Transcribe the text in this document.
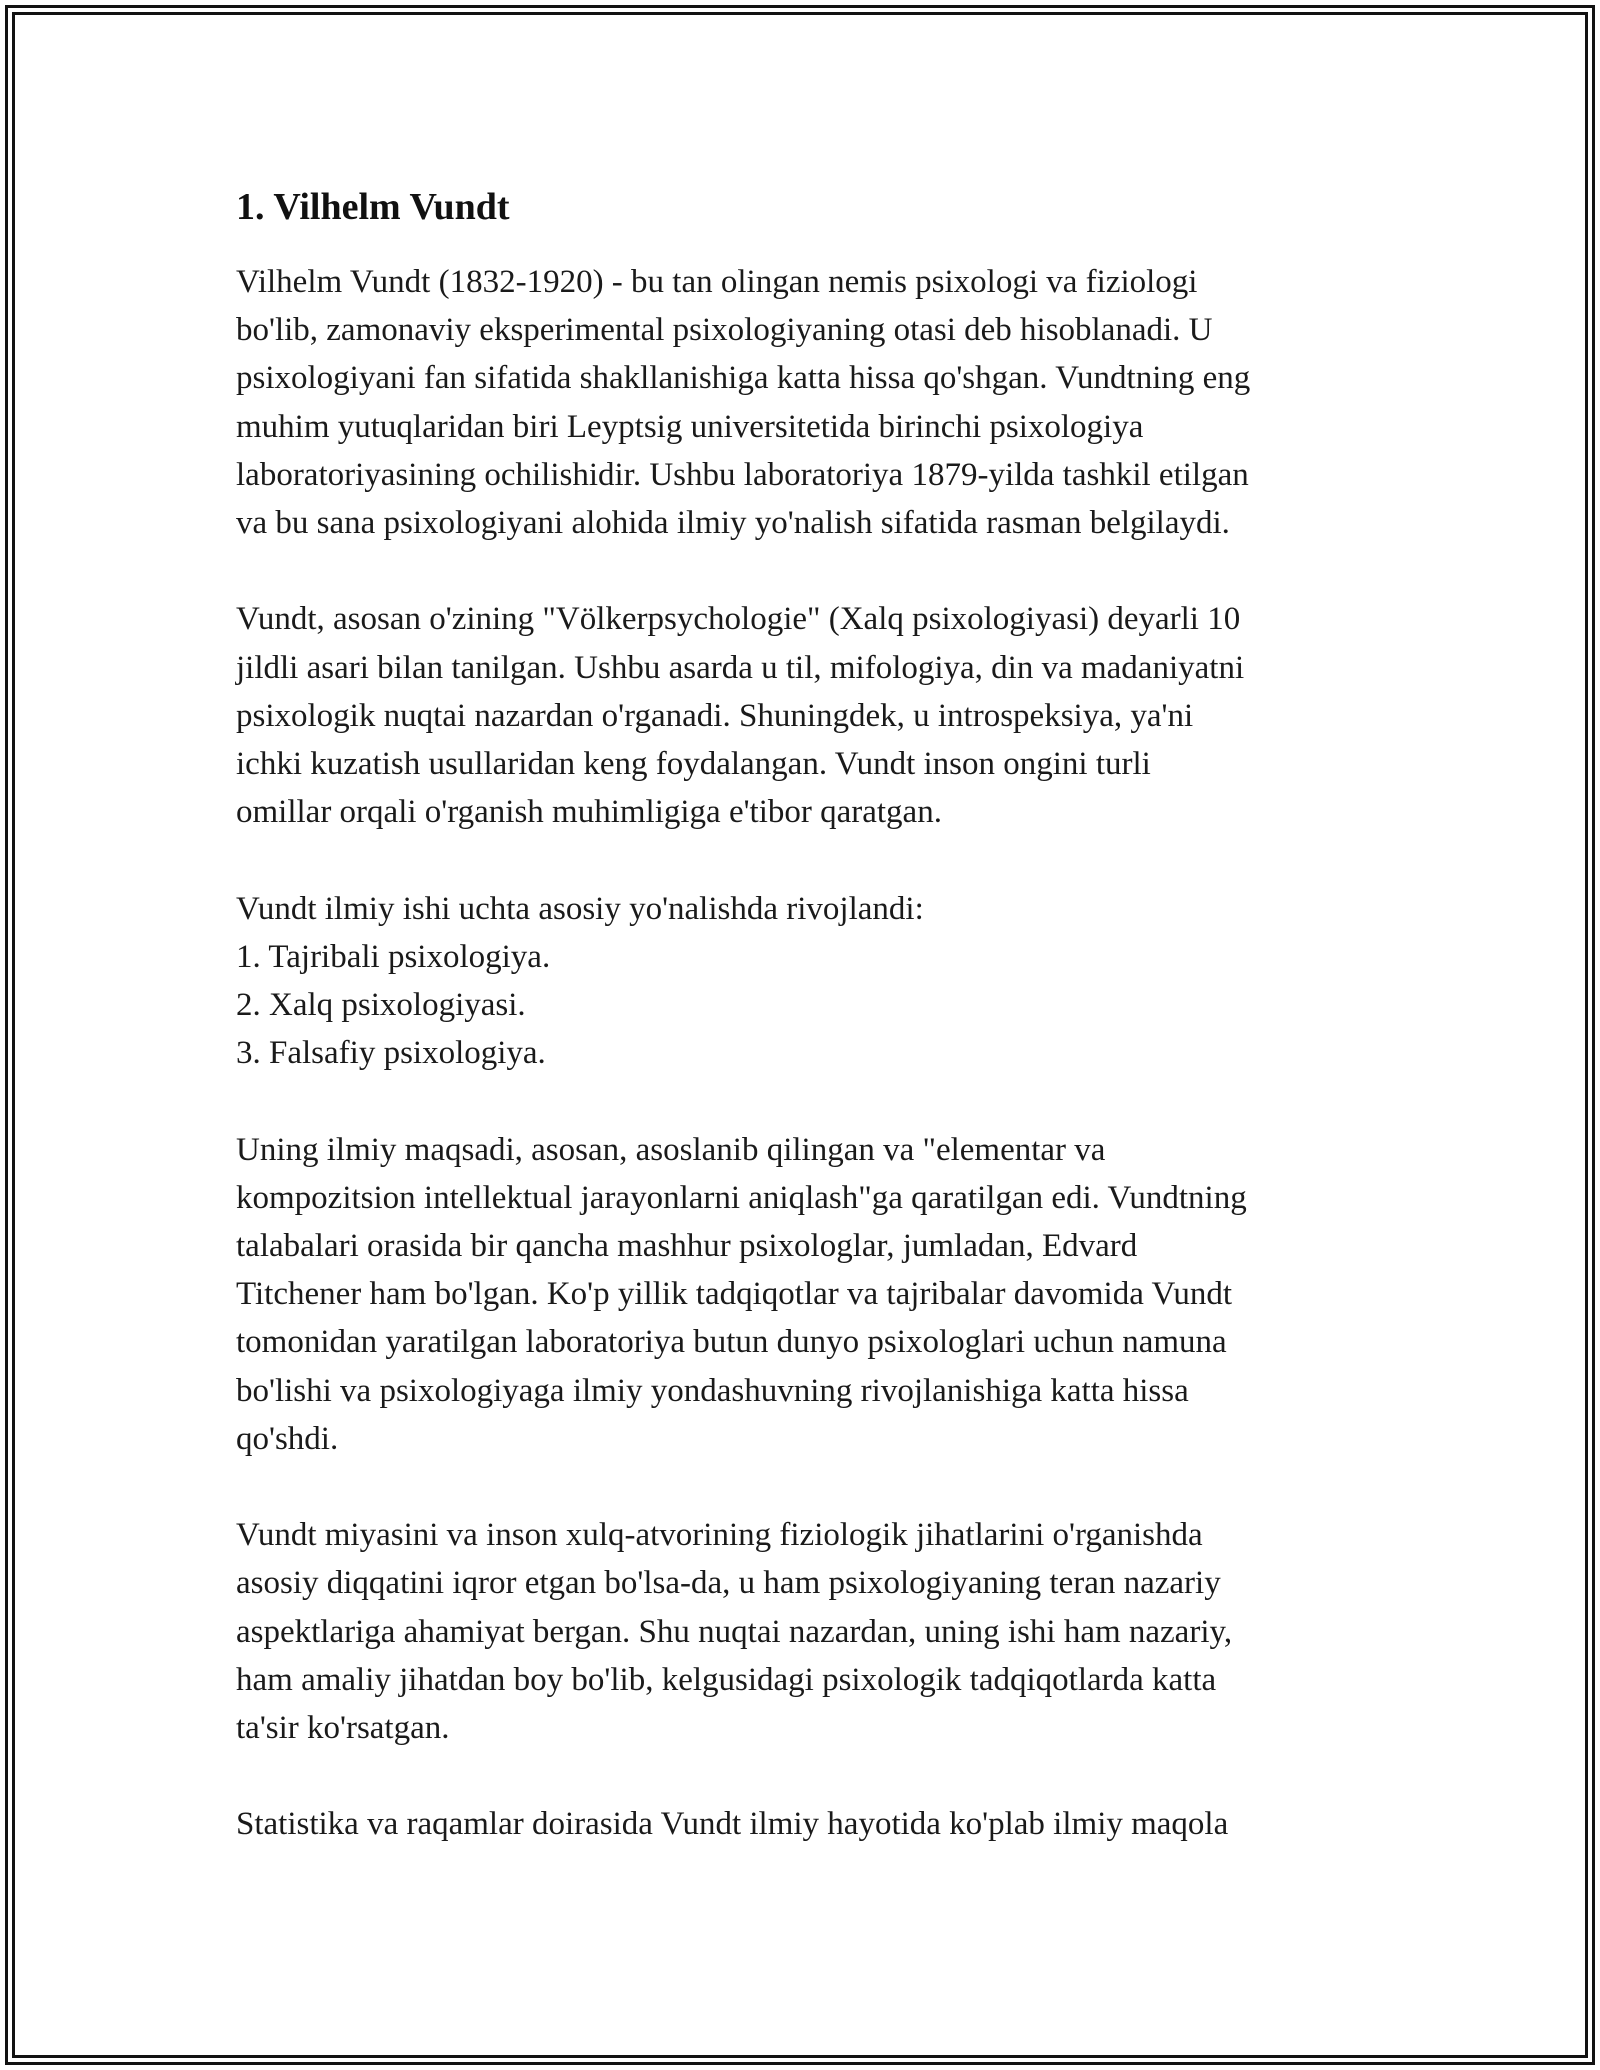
1. Vilhelm Vundt

Vilhelm Vundt (1832-1920) - bu tan olingan nemis psixologi va fiziologi
bo'lib, zamonaviy eksperimental psixologiyaning otasi deb hisoblanadi. U
psixologiyani fan sifatida shakllanishiga katta hissa qo'shgan. Vundtning eng
muhim yutuqlaridan biri Leyptsig universitetida birinchi psixologiya
laboratoriyasining ochilishidir. Ushbu laboratoriya 1879-yilda tashkil etilgan
va bu sana psixologiyani alohida ilmiy yo'nalish sifatida rasman belgilaydi.

Vundt, asosan o'zining "Völkerpsychologie" (Xalq psixologiyasi) deyarli 10
jildli asari bilan tanilgan. Ushbu asarda u til, mifologiya, din va madaniyatni
psixologik nuqtai nazardan o'rganadi. Shuningdek, u introspeksiya, ya'ni
ichki kuzatish usullaridan keng foydalangan. Vundt inson ongini turli
omillar orqali o'rganish muhimligiga e'tibor qaratgan.

Vundt ilmiy ishi uchta asosiy yo'nalishda rivojlandi:
1. Tajribali psixologiya.
2. Xalq psixologiyasi.
3. Falsafiy psixologiya.

Uning ilmiy maqsadi, asosan, asoslanib qilingan va "elementar va
kompozitsion intellektual jarayonlarni aniqlash"ga qaratilgan edi. Vundtning
talabalari orasida bir qancha mashhur psixologlar, jumladan, Edvard
Titchener ham bo'lgan. Ko'p yillik tadqiqotlar va tajribalar davomida Vundt
tomonidan yaratilgan laboratoriya butun dunyo psixologlari uchun namuna
bo'lishi va psixologiyaga ilmiy yondashuvning rivojlanishiga katta hissa
qo'shdi.

Vundt miyasini va inson xulq-atvorining fiziologik jihatlarini o'rganishda
asosiy diqqatini iqror etgan bo'lsa-da, u ham psixologiyaning teran nazariy
aspektlariga ahamiyat bergan. Shu nuqtai nazardan, uning ishi ham nazariy,
ham amaliy jihatdan boy bo'lib, kelgusidagi psixologik tadqiqotlarda katta
ta'sir ko'rsatgan.

Statistika va raqamlar doirasida Vundt ilmiy hayotida ko'plab ilmiy maqola
